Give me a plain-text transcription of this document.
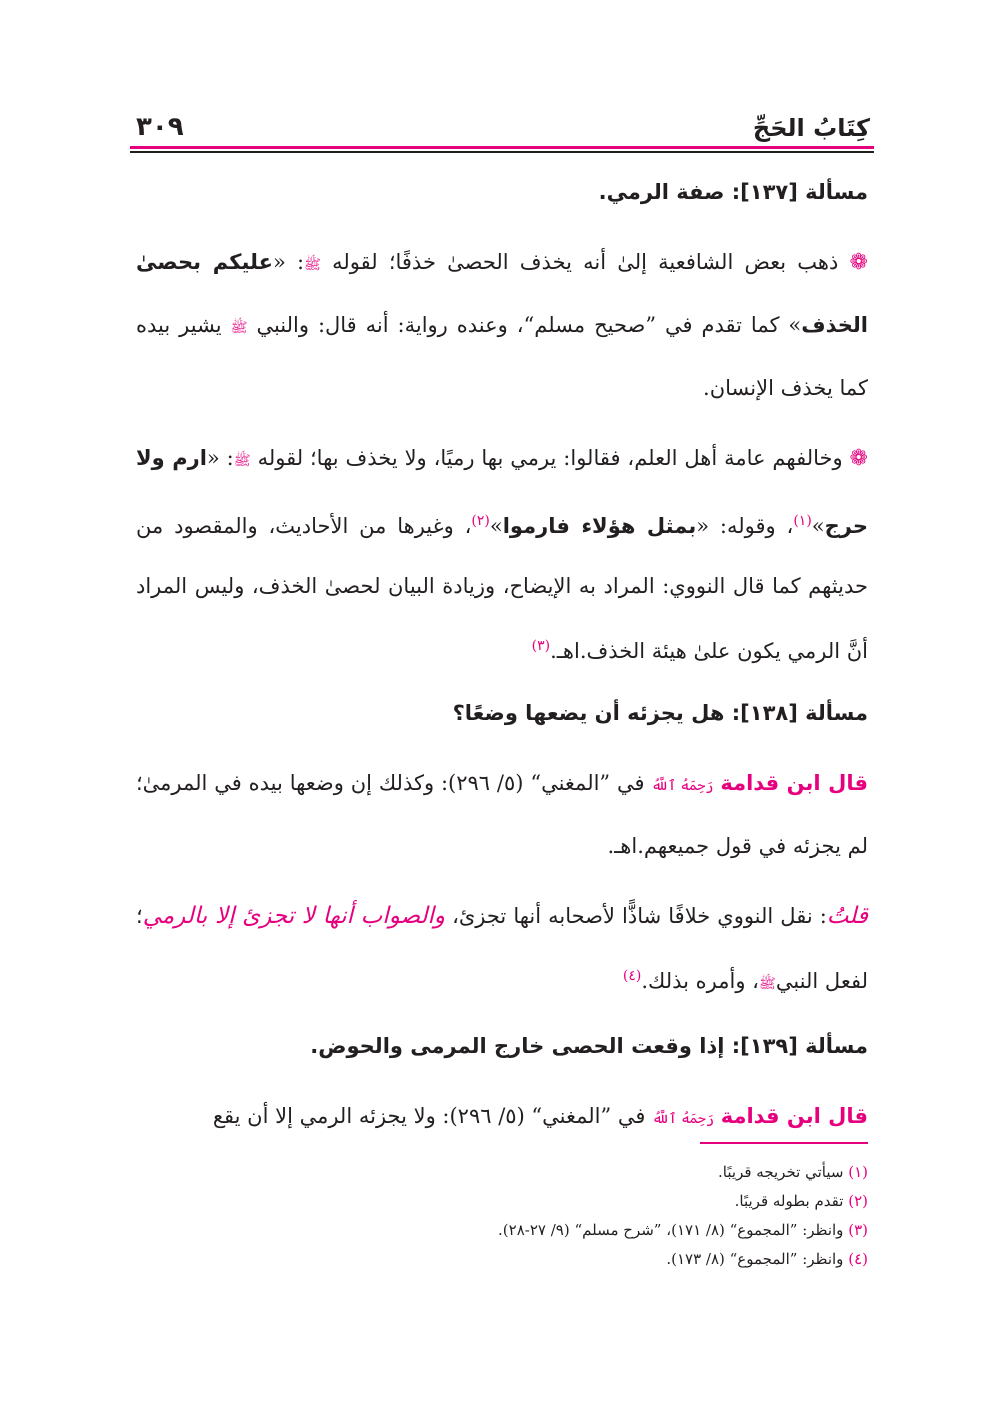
كِتَابُ الحَجِّ
٣٠٩
مسألة [١٣٧]: صفة الرمي.

❁ ذهب بعض الشافعية إلىٰ أنه يخذف الحصىٰ خذفًا؛ لقوله ﷺ: «عليكم بحصىٰ الخذف» كما تقدم في ”صحيح مسلم“، وعنده رواية: أنه قال: والنبي ﷺ يشير بيده كما يخذف الإنسان.

❁ وخالفهم عامة أهل العلم، فقالوا: يرمي بها رميًا، ولا يخذف بها؛ لقوله ﷺ: «ارم ولا حرج»$^{(١)}$، وقوله: «بمثل هؤلاء فارموا»$^{(٢)}$، وغيرها من الأحاديث، والمقصود من حديثهم كما قال النووي: المراد به الإيضاح، وزيادة البيان لحصىٰ الخذف، وليس المراد أنَّ الرمي يكون علىٰ هيئة الخذف.اهـ.$^{(٣)}$

مسألة [١٣٨]: هل يجزئه أن يضعها وضعًا؟

قال ابن قدامة رَحِمَهُ ٱللَّهُ في ”المغني“ (٥/ ٢٩٦): وكذلك إن وضعها بيده في المرمىٰ؛ لم يجزئه في قول جميعهم.اهـ.

قلتُ: نقل النووي خلافًا شاذًّا لأصحابه أنها تجزئ، والصواب أنها لا تجزئ إلا بالرمي؛ لفعل النبيﷺ، وأمره بذلك.$^{(٤)}$

مسألة [١٣٩]: إذا وقعت الحصى خارج المرمى والحوض.

قال ابن قدامة رَحِمَهُ ٱللَّهُ في ”المغني“ (٥/ ٢٩٦): ولا يجزئه الرمي إلا أن يقع

(١) سيأتي تخريجه قريبًا.
(٢) تقدم بطوله قريبًا.
(٣) وانظر: ”المجموع“ (٨/ ١٧١)، ”شرح مسلم“ (٩/ ٢٧-٢٨).
(٤) وانظر: ”المجموع“ (٨/ ١٧٣).
